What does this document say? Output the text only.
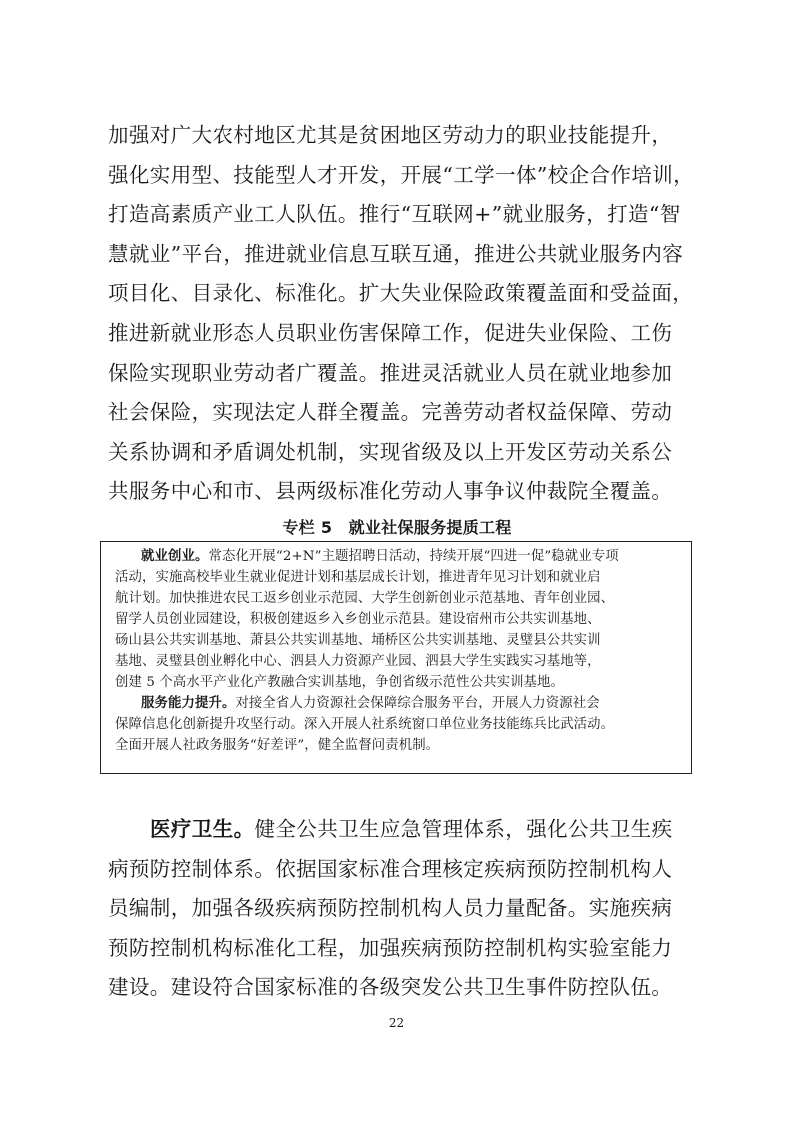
加强对广大农村地区尤其是贫困地区劳动力的职业技能提升，
强化实用型、技能型人才开发，开展“工学一体”校企合作培训，
打造高素质产业工人队伍。推行“互联网+”就业服务，打造“智
慧就业”平台，推进就业信息互联互通，推进公共就业服务内容
项目化、目录化、标准化。扩大失业保险政策覆盖面和受益面，
推进新就业形态人员职业伤害保障工作，促进失业保险、工伤
保险实现职业劳动者广覆盖。推进灵活就业人员在就业地参加
社会保险，实现法定人群全覆盖。完善劳动者权益保障、劳动
关系协调和矛盾调处机制，实现省级及以上开发区劳动关系公
共服务中心和市、县两级标准化劳动人事争议仲裁院全覆盖。
专栏 5　就业社保服务提质工程
就业创业。常态化开展“2+N”主题招聘日活动，持续开展“四进一促”稳就业专项
活动，实施高校毕业生就业促进计划和基层成长计划，推进青年见习计划和就业启
航计划。加快推进农民工返乡创业示范园、大学生创新创业示范基地、青年创业园、
留学人员创业园建设，积极创建返乡入乡创业示范县。建设宿州市公共实训基地、
砀山县公共实训基地、萧县公共实训基地、埇桥区公共实训基地、灵璧县公共实训
基地、灵璧县创业孵化中心、泗县人力资源产业园、泗县大学生实践实习基地等，
创建 5 个高水平产业化产教融合实训基地，争创省级示范性公共实训基地。
服务能力提升。对接全省人力资源社会保障综合服务平台，开展人力资源社会
保障信息化创新提升攻坚行动。深入开展人社系统窗口单位业务技能练兵比武活动。
全面开展人社政务服务“好差评”，健全监督问责机制。
医疗卫生。健全公共卫生应急管理体系，强化公共卫生疾
病预防控制体系。依据国家标准合理核定疾病预防控制机构人
员编制，加强各级疾病预防控制机构人员力量配备。实施疾病
预防控制机构标准化工程，加强疾病预防控制机构实验室能力
建设。建设符合国家标准的各级突发公共卫生事件防控队伍。
22
